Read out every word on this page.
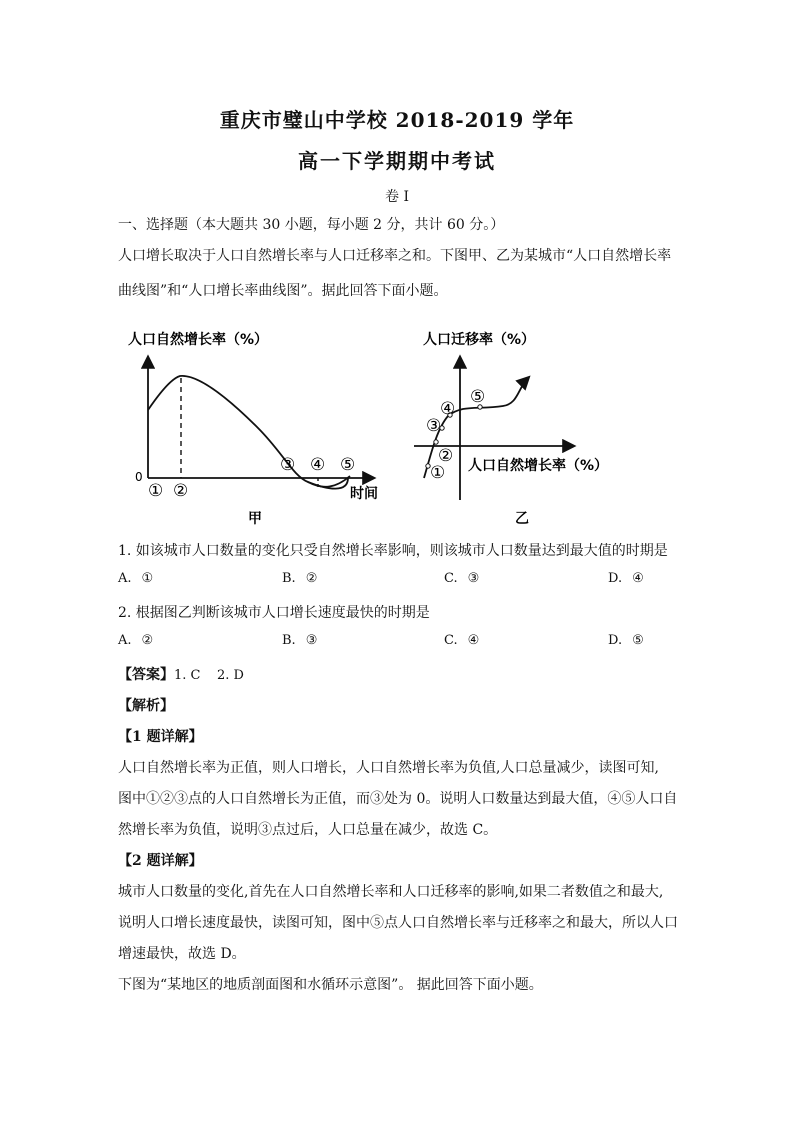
重庆市璧山中学校 2018-2019 学年
高一下学期期中考试
卷 I
一、选择题（本大题共 30 小题，每小题 2 分，共计 60 分。）
人口增长取决于人口自然增长率与人口迁移率之和。下图甲、乙为某城市“人口自然增长率
曲线图”和“人口增长率曲线图”。据此回答下面小题。
人口自然增长率（%）
0
① ②
③ ④ ⑤
时间
甲
人口迁移率（%）
①
②
③
④
⑤
人口自然增长率（%）
乙
1. 如该城市人口数量的变化只受自然增长率影响，则该城市人口数量达到最大值的时期是
A. ①	B. ②	C. ③	D. ④
2. 根据图乙判断该城市人口增长速度最快的时期是
A. ②	B. ③	C. ④	D. ⑤
【答案】1. C    2. D
【解析】
【1 题详解】
人口自然增长率为正值，则人口增长，人口自然增长率为负值,人口总量减少，读图可知,
图中①②③点的人口自然增长为正值，而③处为 0。说明人口数量达到最大值，④⑤人口自
然增长率为负值，说明③点过后，人口总量在减少，故选 C。
【2 题详解】
城市人口数量的变化,首先在人口自然增长率和人口迁移率的影响,如果二者数值之和最大,
说明人口增长速度最快，读图可知，图中⑤点人口自然增长率与迁移率之和最大，所以人口
增速最快，故选 D。
下图为“某地区的地质剖面图和水循环示意图”。 据此回答下面小题。
